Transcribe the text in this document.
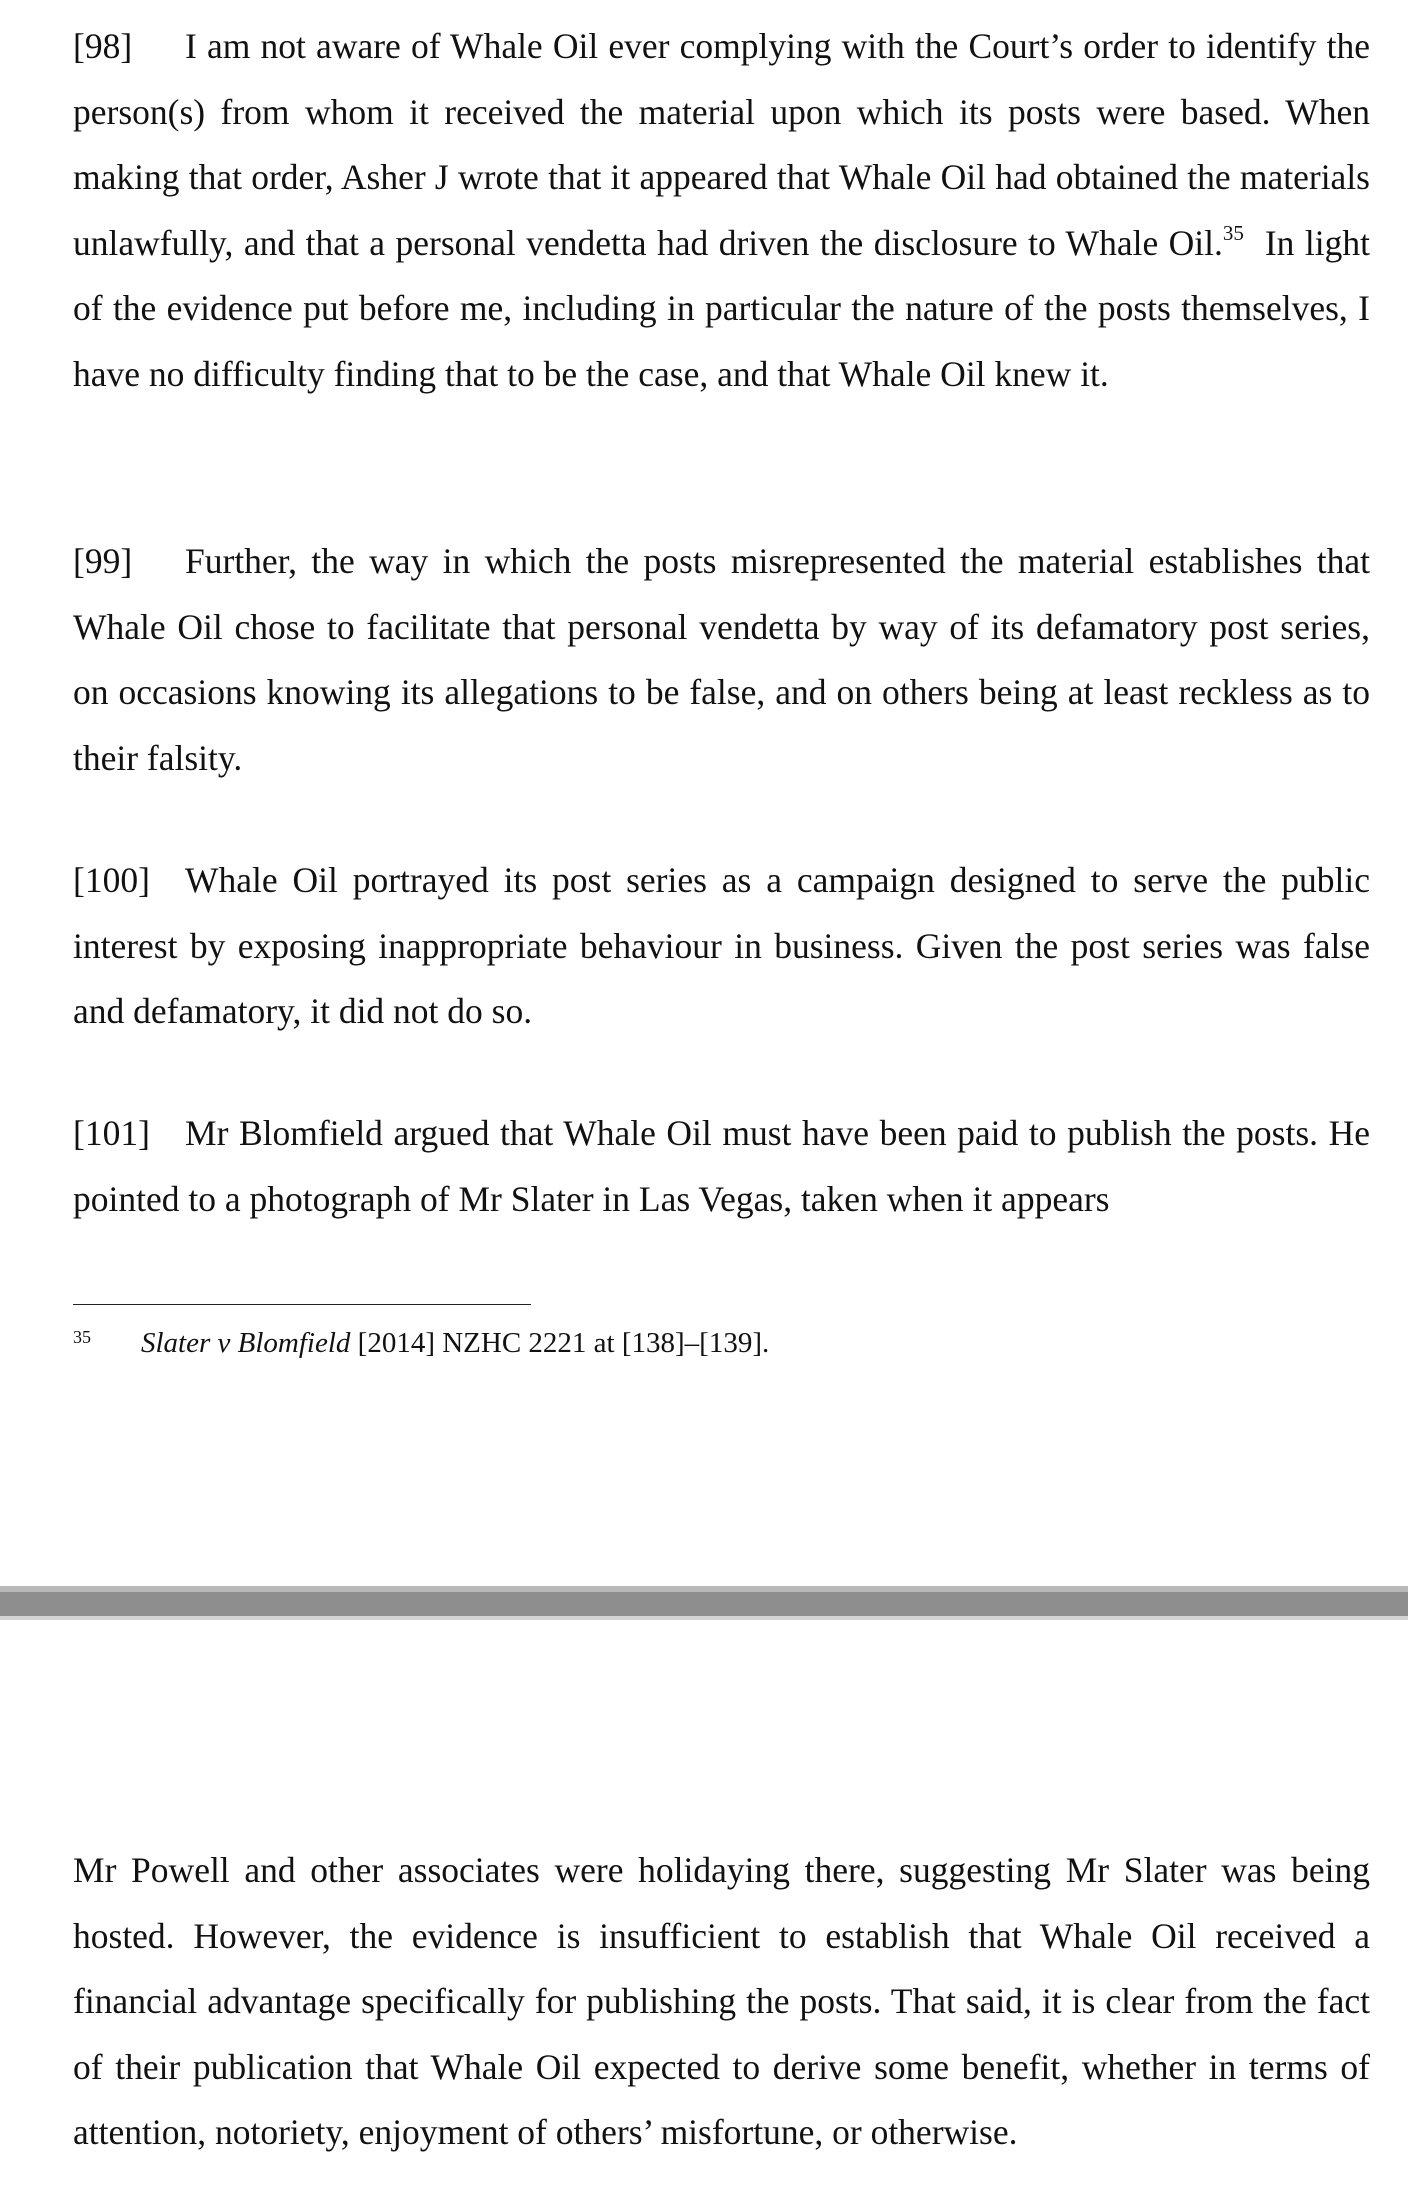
[98] I am not aware of Whale Oil ever complying with the Court’s order to identify the person(s) from whom it received the material upon which its posts were based. When making that order, Asher J wrote that it appeared that Whale Oil had obtained the materials unlawfully, and that a personal vendetta had driven the disclosure to Whale Oil.$^{35}$ In light of the evidence put before me, including in particular the nature of the posts themselves, I have no difficulty finding that to be the case, and that Whale Oil knew it.

[99] Further, the way in which the posts misrepresented the material establishes that Whale Oil chose to facilitate that personal vendetta by way of its defamatory post series, on occasions knowing its allegations to be false, and on others being at least reckless as to their falsity.

[100] Whale Oil portrayed its post series as a campaign designed to serve the public interest by exposing inappropriate behaviour in business. Given the post series was false and defamatory, it did not do so.

[101] Mr Blomfield argued that Whale Oil must have been paid to publish the posts. He pointed to a photograph of Mr Slater in Las Vegas, taken when it appears

35 Slater v Blomfield [2014] NZHC 2221 at [138]–[139].

Mr Powell and other associates were holidaying there, suggesting Mr Slater was being hosted. However, the evidence is insufficient to establish that Whale Oil received a financial advantage specifically for publishing the posts. That said, it is clear from the fact of their publication that Whale Oil expected to derive some benefit, whether in terms of attention, notoriety, enjoyment of others’ misfortune, or otherwise.
